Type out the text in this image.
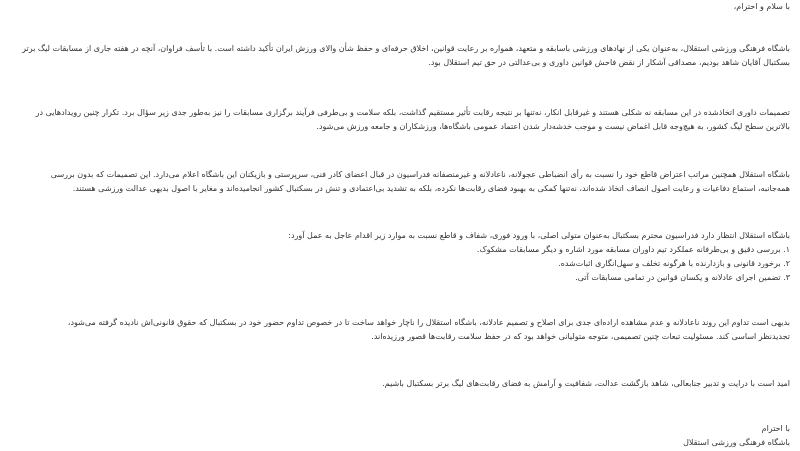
با سلام و احترام،
باشگاه فرهنگی ورزشی استقلال، به‌عنوان یکی از نهادهای ورزشی باسابقه و متعهد، همواره بر رعایت قوانین، اخلاق حرفه‌ای و حفظ شأن والای ورزش ایران تأکید داشته است. با تأسف فراوان، آنچه در هفته جاری از مسابقات لیگ برتر
بسکتبال آقایان شاهد بودیم، مصداقی آشکار از نقض فاحش قوانین داوری و بی‌عدالتی در حق تیم استقلال بود.
تصمیمات داوری اتخاذشده در این مسابقه نه شکلی هستند و غیرقابل انکار، نه‌تنها بر نتیجه رقابت تأثیر مستقیم گذاشت، بلکه سلامت و بی‌طرفی فرآیند برگزاری مسابقات را نیز به‌طور جدی زیر سؤال برد. تکرار چنین رویدادهایی در
بالاترین سطح لیگ کشور، به هیچ‌وجه قابل اغماض نیست و موجب خدشه‌دار شدن اعتماد عمومی باشگاه‌ها، ورزشکاران و جامعه ورزش می‌شود.
باشگاه استقلال همچنین مراتب اعتراض قاطع خود را نسبت به رأی انضباطی عجولانه، ناعادلانه و غیرمنصفانه فدراسیون در قبال اعضای کادر فنی، سرپرستی و بازیکنان این باشگاه اعلام می‌دارد. این تصمیمات که بدون بررسی
همه‌جانبه، استماع دفاعیات و رعایت اصول انصاف اتخاذ شده‌اند، نه‌تنها کمکی به بهبود فضای رقابت‌ها نکرده، بلکه به تشدید بی‌اعتمادی و تنش در بسکتبال کشور انجامیده‌اند و مغایر با اصول بدیهی عدالت ورزشی هستند.
باشگاه استقلال انتظار دارد فدراسیون محترم بسکتبال به‌عنوان متولی اصلی، با ورود فوری، شفاف و قاطع نسبت به موارد زیر اقدام عاجل به عمل آورد:
۱. بررسی دقیق و بی‌طرفانه عملکرد تیم داوران مسابقه مورد اشاره و دیگر مسابقات مشکوک.
۲. برخورد قانونی و بازدارنده با هرگونه تخلف و سهل‌انگاری اثبات‌شده.
۳. تضمین اجرای عادلانه و یکسان قوانین در تمامی مسابقات آتی.
بدیهی است تداوم این روند ناعادلانه و عدم مشاهده اراده‌ای جدی برای اصلاح و تصمیم عادلانه، باشگاه استقلال را ناچار خواهد ساخت تا در خصوص تداوم حضور خود در بسکتبال که حقوق قانونی‌اش نادیده گرفته می‌شود،
تجدیدنظر اساسی کند. مسئولیت تبعات چنین تصمیمی، متوجه متولیانی خواهد بود که در حفظ سلامت رقابت‌ها قصور ورزیده‌اند.
امید است با درایت و تدبیر جنابعالی، شاهد بازگشت عدالت، شفافیت و آرامش به فضای رقابت‌های لیگ برتر بسکتبال باشیم.
با احترام
باشگاه فرهنگی ورزشی استقلال
